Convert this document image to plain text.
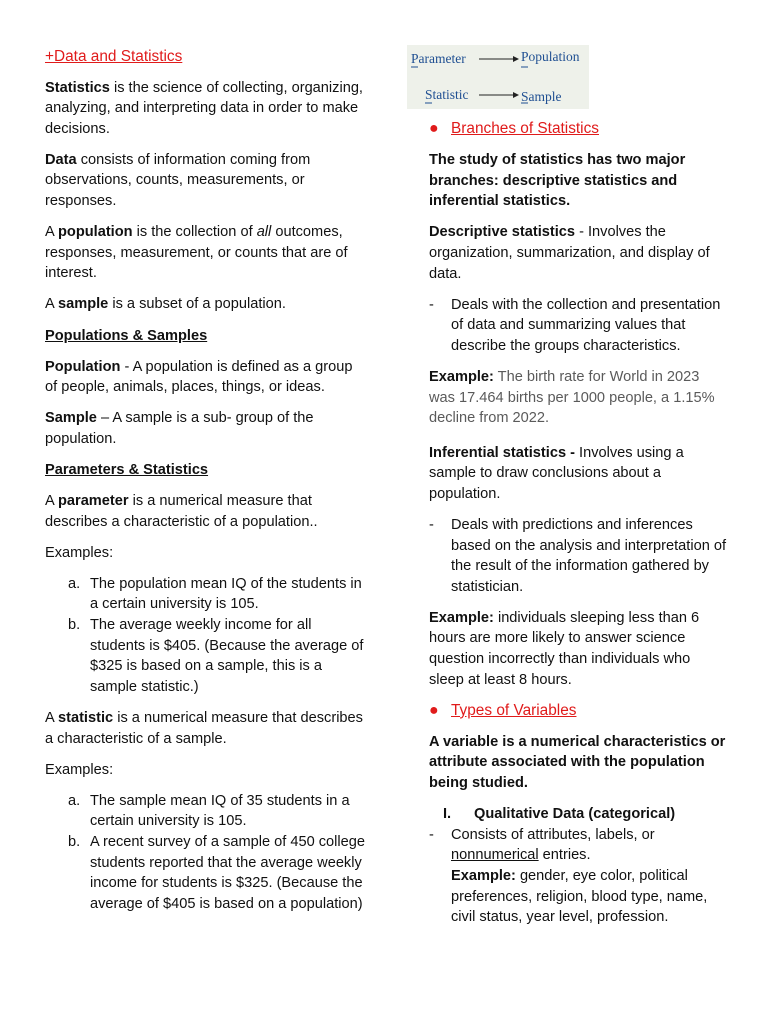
+Data and Statistics

Statistics is the science of collecting, organizing, analyzing, and interpreting data in order to make decisions.

Data consists of information coming from observations, counts, measurements, or responses.

A population is the collection of all outcomes, responses, measurement, or counts that are of interest.

A sample is a subset of a population.

Populations & Samples

Population - A population is defined as a group of people, animals, places, things, or ideas.

Sample – A sample is a sub- group of the population.

Parameters & Statistics

A parameter is a numerical measure that describes a characteristic of a population..

Examples:

a. The population mean IQ of the students in a certain university is 105.
b. The average weekly income for all students is $405. (Because the average of $325 is based on a sample, this is a sample statistic.)

A statistic is a numerical measure that describes a characteristic of a sample.

Examples:

a. The sample mean IQ of 35 students in a certain university is 105.
b. A recent survey of a sample of 450 college students reported that the average weekly income for students is $325. (Because the average of $405 is based on a population)
Parameter	Population
Statistic	Sample
● Branches of Statistics

The study of statistics has two major branches: descriptive statistics and inferential statistics.

Descriptive statistics - Involves the organization, summarization, and display of data.

- Deals with the collection and presentation of data and summarizing values that describe the groups characteristics.

Example: The birth rate for World in 2023 was 17.464 births per 1000 people, a 1.15% decline from 2022.

Inferential statistics - Involves using a sample to draw conclusions about a population.

- Deals with predictions and inferences based on the analysis and interpretation of the result of the information gathered by statistician.

Example: individuals sleeping less than 6 hours are more likely to answer science question incorrectly than individuals who sleep at least 8 hours.

● Types of Variables

A variable is a numerical characteristics or attribute associated with the population being studied.

I. Qualitative Data (categorical)

- Consists of attributes, labels, or nonnumerical entries.
Example: gender, eye color, political preferences, religion, blood type, name, civil status, year level, profession.
